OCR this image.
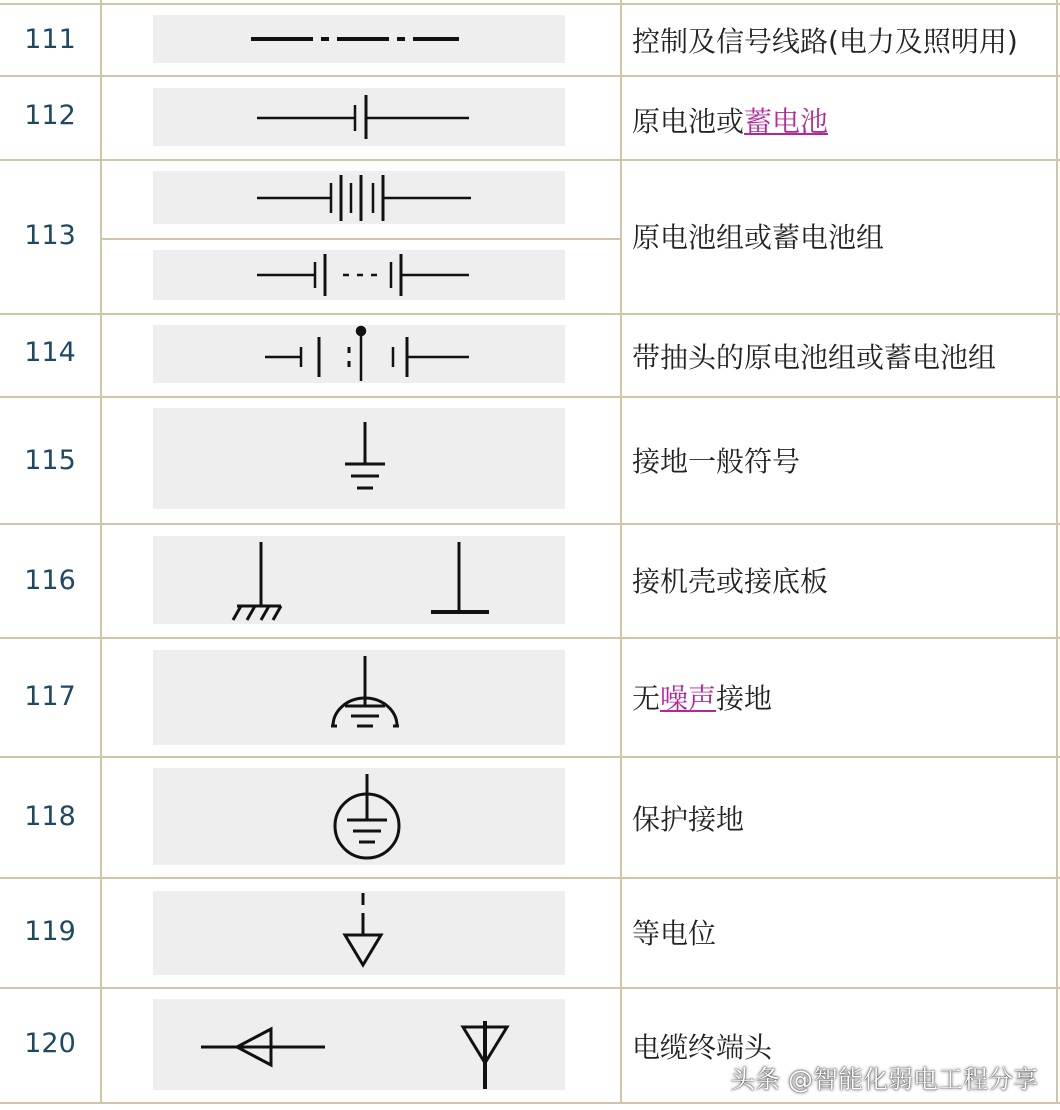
111	控制及信号线路(电力及照明用)
112	原电池或蓄电池
113	原电池组或蓄电池组
114	带抽头的原电池组或蓄电池组
115	接地一般符号
116	接机壳或接底板
117	无噪声接地
118	保护接地
119	等电位
120	电缆终端头
头条 @智能化弱电工程分享
